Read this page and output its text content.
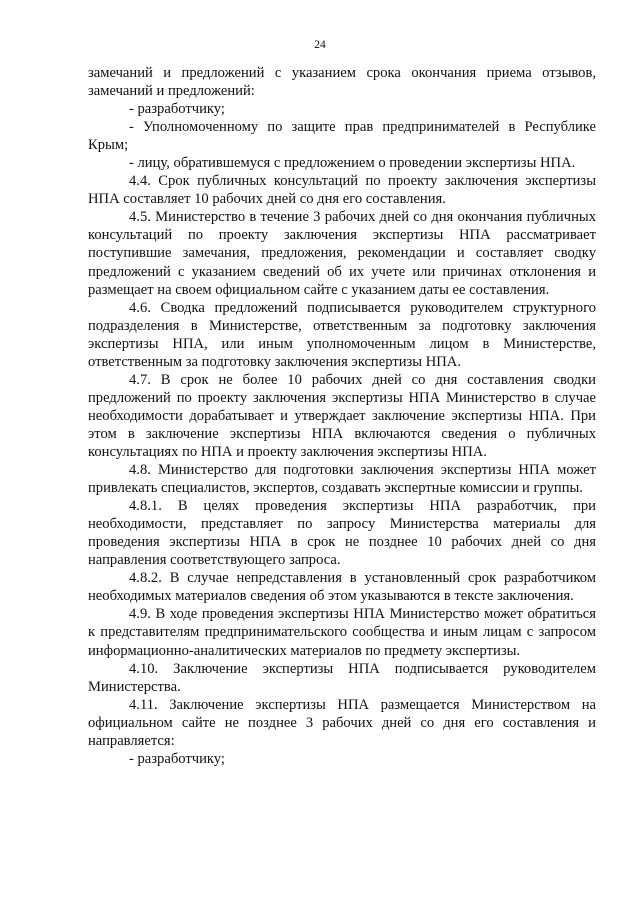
24

замечаний и предложений с указанием срока окончания приема отзывов, замечаний и предложений:

- разработчику;

- Уполномоченному по защите прав предпринимателей в Республике Крым;

- лицу, обратившемуся с предложением о проведении экспертизы НПА.

4.4. Срок публичных консультаций по проекту заключения экспертизы НПА составляет 10 рабочих дней со дня его составления.

4.5. Министерство в течение 3 рабочих дней со дня окончания публичных консультаций по проекту заключения экспертизы НПА рассматривает поступившие замечания, предложения, рекомендации и составляет сводку предложений с указанием сведений об их учете или причинах отклонения и размещает на своем официальном сайте с указанием даты ее составления.

4.6. Сводка предложений подписывается руководителем структурного подразделения в Министерстве, ответственным за подготовку заключения экспертизы НПА, или иным уполномоченным лицом в Министерстве, ответственным за подготовку заключения экспертизы НПА.

4.7. В срок не более 10 рабочих дней со дня составления сводки предложений по проекту заключения экспертизы НПА Министерство в случае необходимости дорабатывает и утверждает заключение экспертизы НПА. При этом в заключение экспертизы НПА включаются сведения о публичных консультациях по НПА и проекту заключения экспертизы НПА.

4.8. Министерство для подготовки заключения экспертизы НПА может привлекать специалистов, экспертов, создавать экспертные комиссии и группы.

4.8.1. В целях проведения экспертизы НПА разработчик, при необходимости, представляет по запросу Министерства материалы для проведения экспертизы НПА в срок не позднее 10 рабочих дней со дня направления соответствующего запроса.

4.8.2. В случае непредставления в установленный срок разработчиком необходимых материалов сведения об этом указываются в тексте заключения.

4.9. В ходе проведения экспертизы НПА Министерство может обратиться к представителям предпринимательского сообщества и иным лицам с запросом информационно-аналитических материалов по предмету экспертизы.

4.10. Заключение экспертизы НПА подписывается руководителем Министерства.

4.11. Заключение экспертизы НПА размещается Министерством на официальном сайте не позднее 3 рабочих дней со дня его составления и направляется:

- разработчику;
